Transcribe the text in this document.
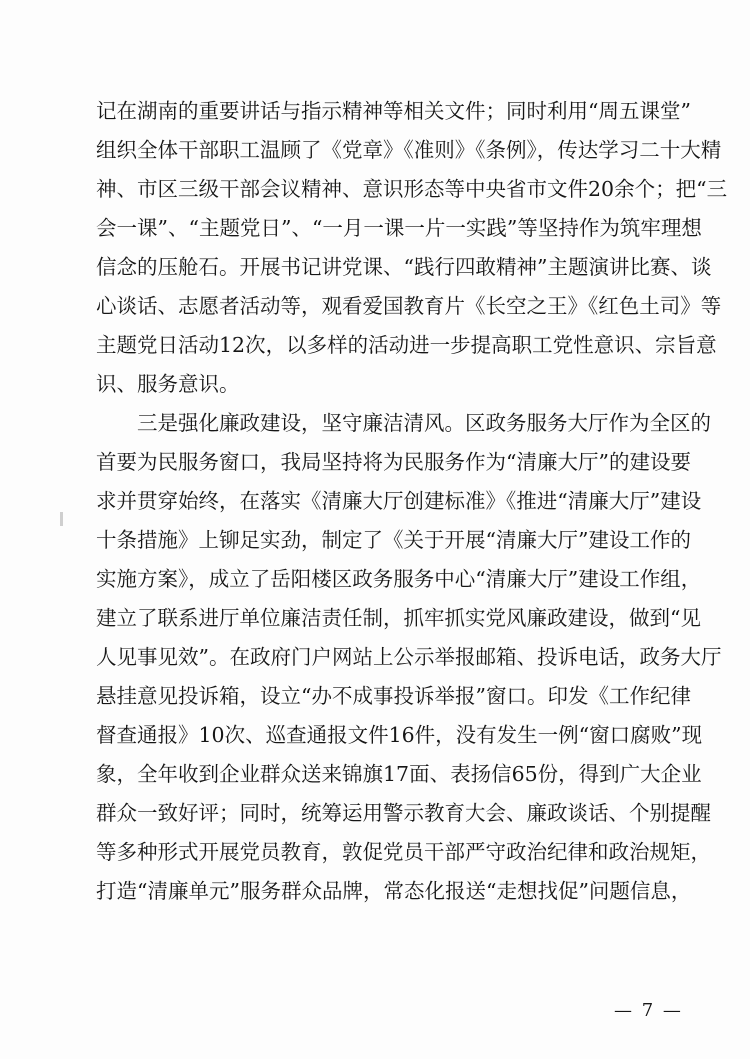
记在湖南的重要讲话与指示精神等相关文件；同时利用“周五课堂”
组织全体干部职工温顾了《党章》《准则》《条例》，传达学习二十大精
神、市区三级干部会议精神、意识形态等中央省市文件20余个；把“三
会一课”、“主题党日”、“一月一课一片一实践”等坚持作为筑牢理想
信念的压舱石。开展书记讲党课、“践行四敢精神”主题演讲比赛、谈
心谈话、志愿者活动等，观看爱国教育片《长空之王》《红色土司》等
主题党日活动12次，以多样的活动进一步提高职工党性意识、宗旨意
识、服务意识。
　　三是强化廉政建设，坚守廉洁清风。区政务服务大厅作为全区的
首要为民服务窗口，我局坚持将为民服务作为“清廉大厅”的建设要
求并贯穿始终，在落实《清廉大厅创建标准》《推进“清廉大厅”建设
十条措施》上铆足实劲，制定了《关于开展“清廉大厅”建设工作的
实施方案》，成立了岳阳楼区政务服务中心“清廉大厅”建设工作组，
建立了联系进厅单位廉洁责任制，抓牢抓实党风廉政建设，做到“见
人见事见效”。在政府门户网站上公示举报邮箱、投诉电话，政务大厅
悬挂意见投诉箱，设立“办不成事投诉举报”窗口。印发《工作纪律
督查通报》10次、巡查通报文件16件，没有发生一例“窗口腐败”现
象，全年收到企业群众送来锦旗17面、表扬信65份，得到广大企业
群众一致好评；同时，统筹运用警示教育大会、廉政谈话、个别提醒
等多种形式开展党员教育，敦促党员干部严守政治纪律和政治规矩，
打造“清廉单元”服务群众品牌，常态化报送“走想找促”问题信息，
— 7 —
